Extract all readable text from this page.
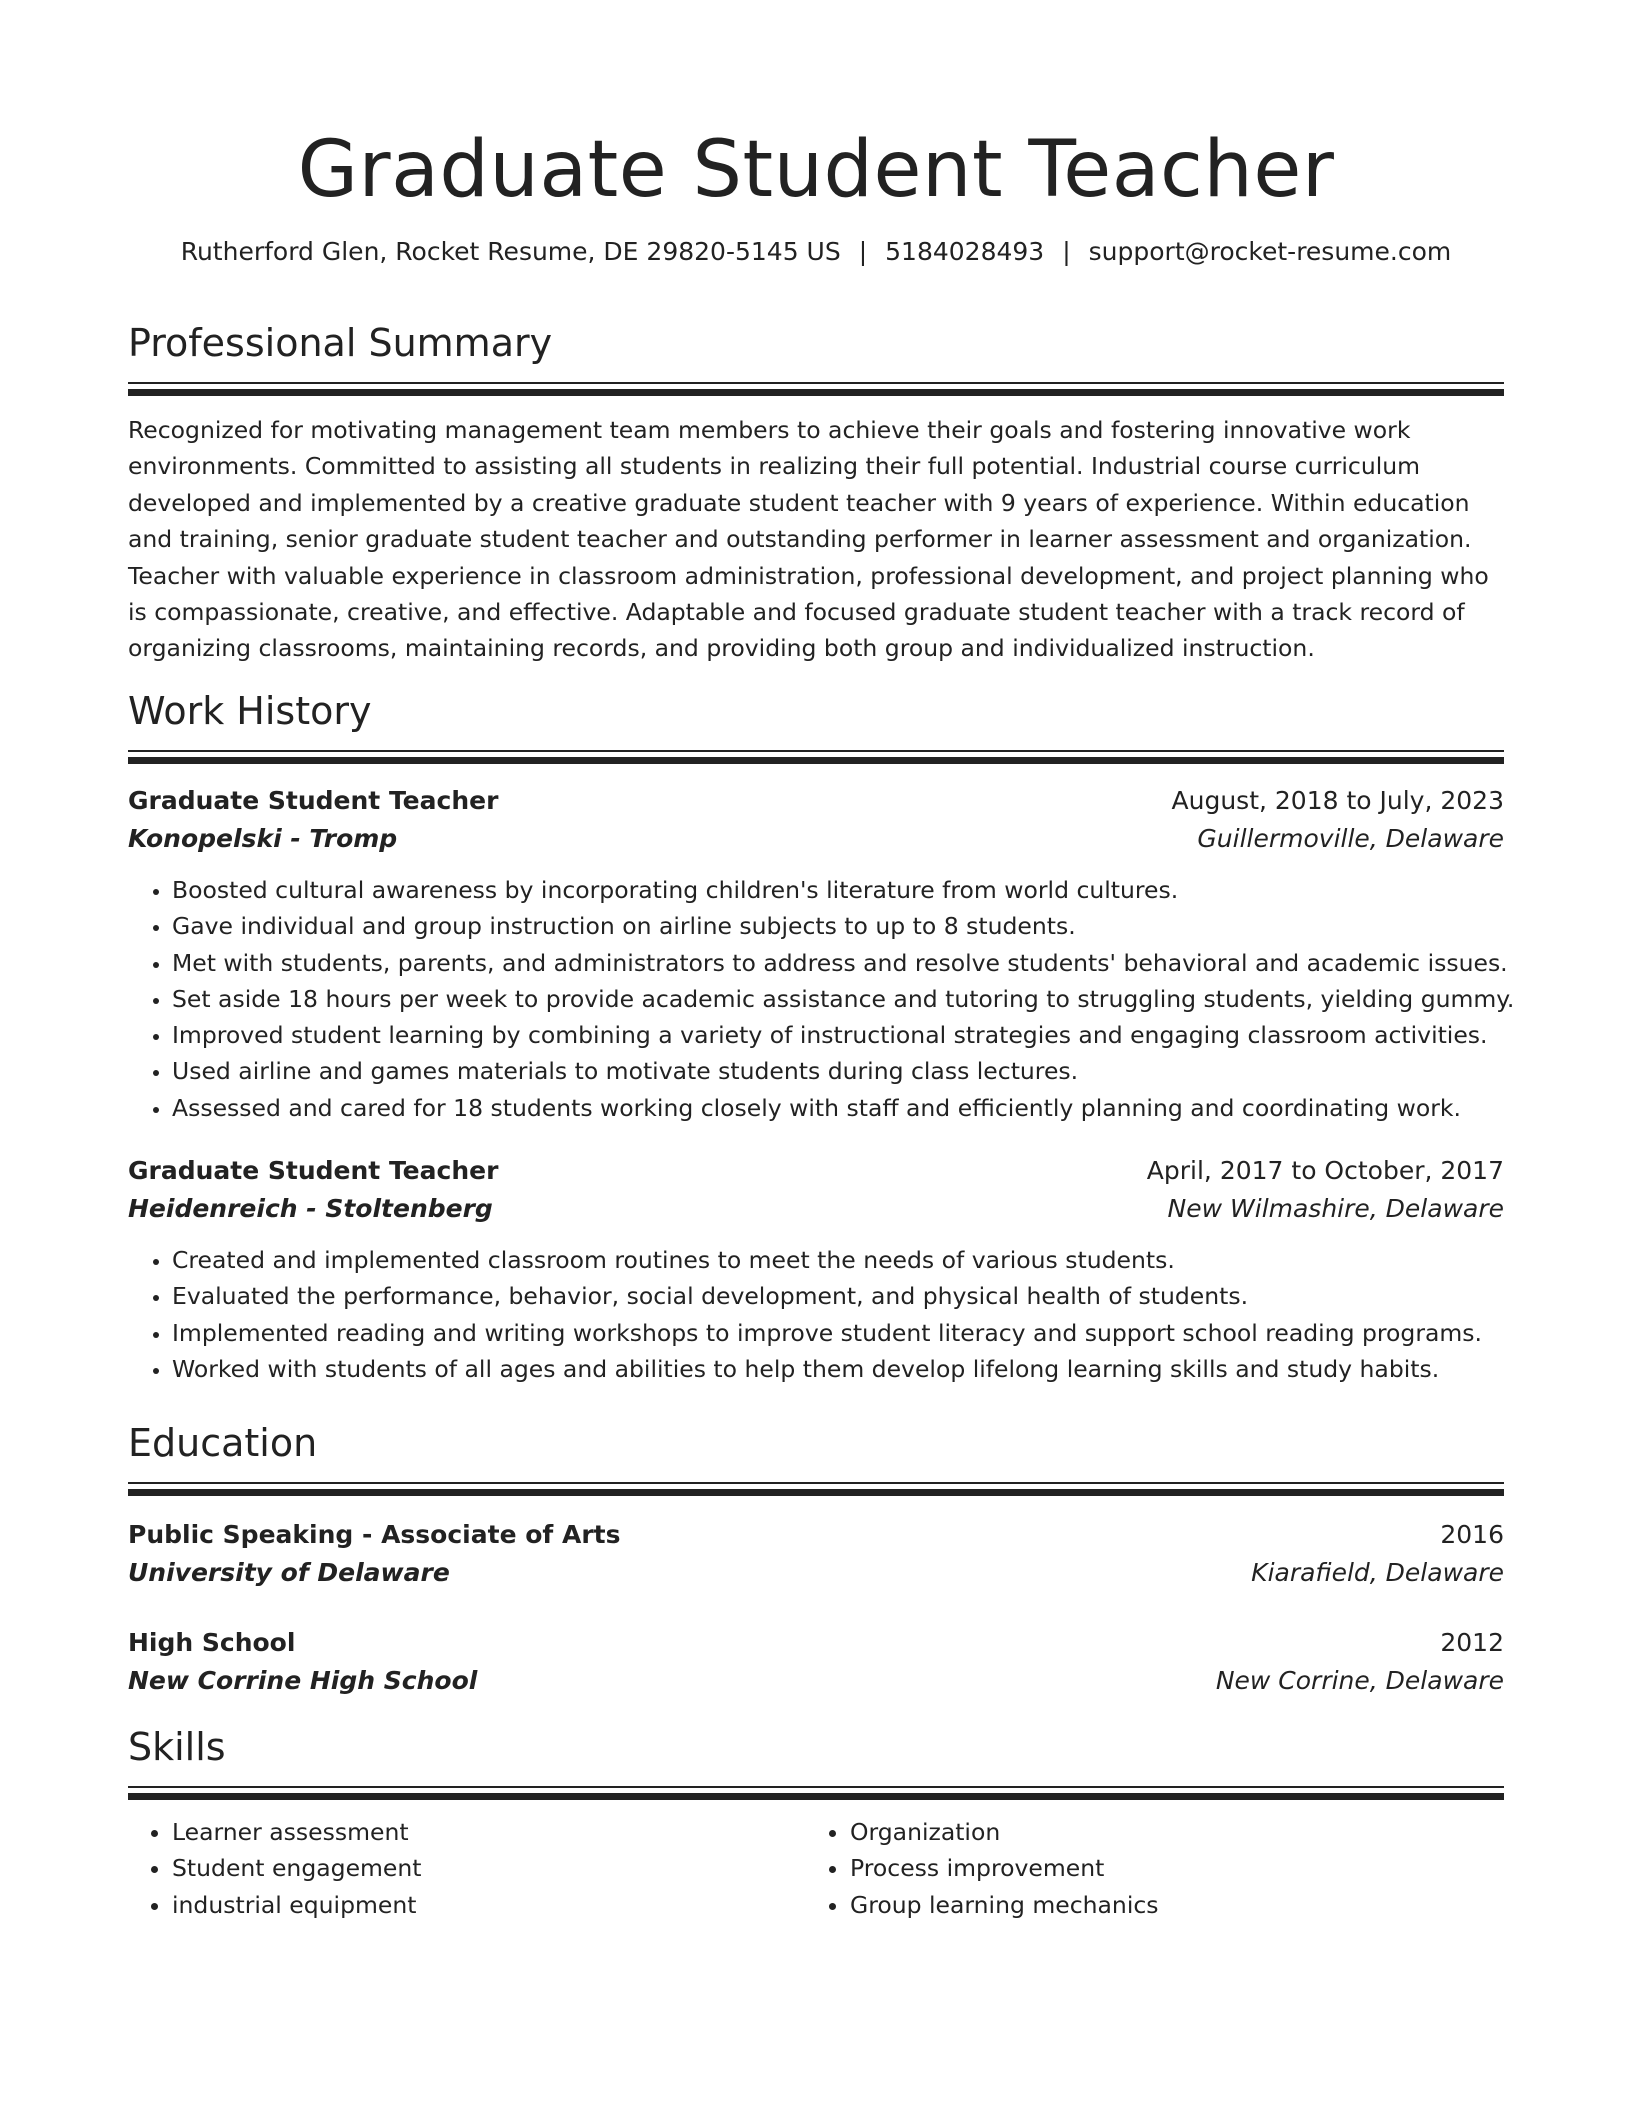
Graduate Student Teacher
Rutherford Glen, Rocket Resume, DE 29820-5145 US | 5184028493 | support@rocket-resume.com
Professional Summary

Recognized for motivating management team members to achieve their goals and fostering innovative work environments. Committed to assisting all students in realizing their full potential. Industrial course curriculum developed and implemented by a creative graduate student teacher with 9 years of experience. Within education and training, senior graduate student teacher and outstanding performer in learner assessment and organization. Teacher with valuable experience in classroom administration, professional development, and project planning who is compassionate, creative, and effective. Adaptable and focused graduate student teacher with a track record of organizing classrooms, maintaining records, and providing both group and individualized instruction.

Work History
Graduate Student Teacher	August, 2018 to July, 2023
Konopelski - Tromp	Guillermoville, Delaware
• Boosted cultural awareness by incorporating children's literature from world cultures.
• Gave individual and group instruction on airline subjects to up to 8 students.
• Met with students, parents, and administrators to address and resolve students' behavioral and academic issues.
• Set aside 18 hours per week to provide academic assistance and tutoring to struggling students, yielding gummy.
• Improved student learning by combining a variety of instructional strategies and engaging classroom activities.
• Used airline and games materials to motivate students during class lectures.
• Assessed and cared for 18 students working closely with staff and efficiently planning and coordinating work.
Graduate Student Teacher	April, 2017 to October, 2017
Heidenreich - Stoltenberg	New Wilmashire, Delaware
• Created and implemented classroom routines to meet the needs of various students.
• Evaluated the performance, behavior, social development, and physical health of students.
• Implemented reading and writing workshops to improve student literacy and support school reading programs.
• Worked with students of all ages and abilities to help them develop lifelong learning skills and study habits.
Education
Public Speaking - Associate of Arts	2016
University of Delaware	Kiarafield, Delaware
High School	2012
New Corrine High School	New Corrine, Delaware
Skills
• Learner assessment
• Student engagement
• industrial equipment
• Organization
• Process improvement
• Group learning mechanics
